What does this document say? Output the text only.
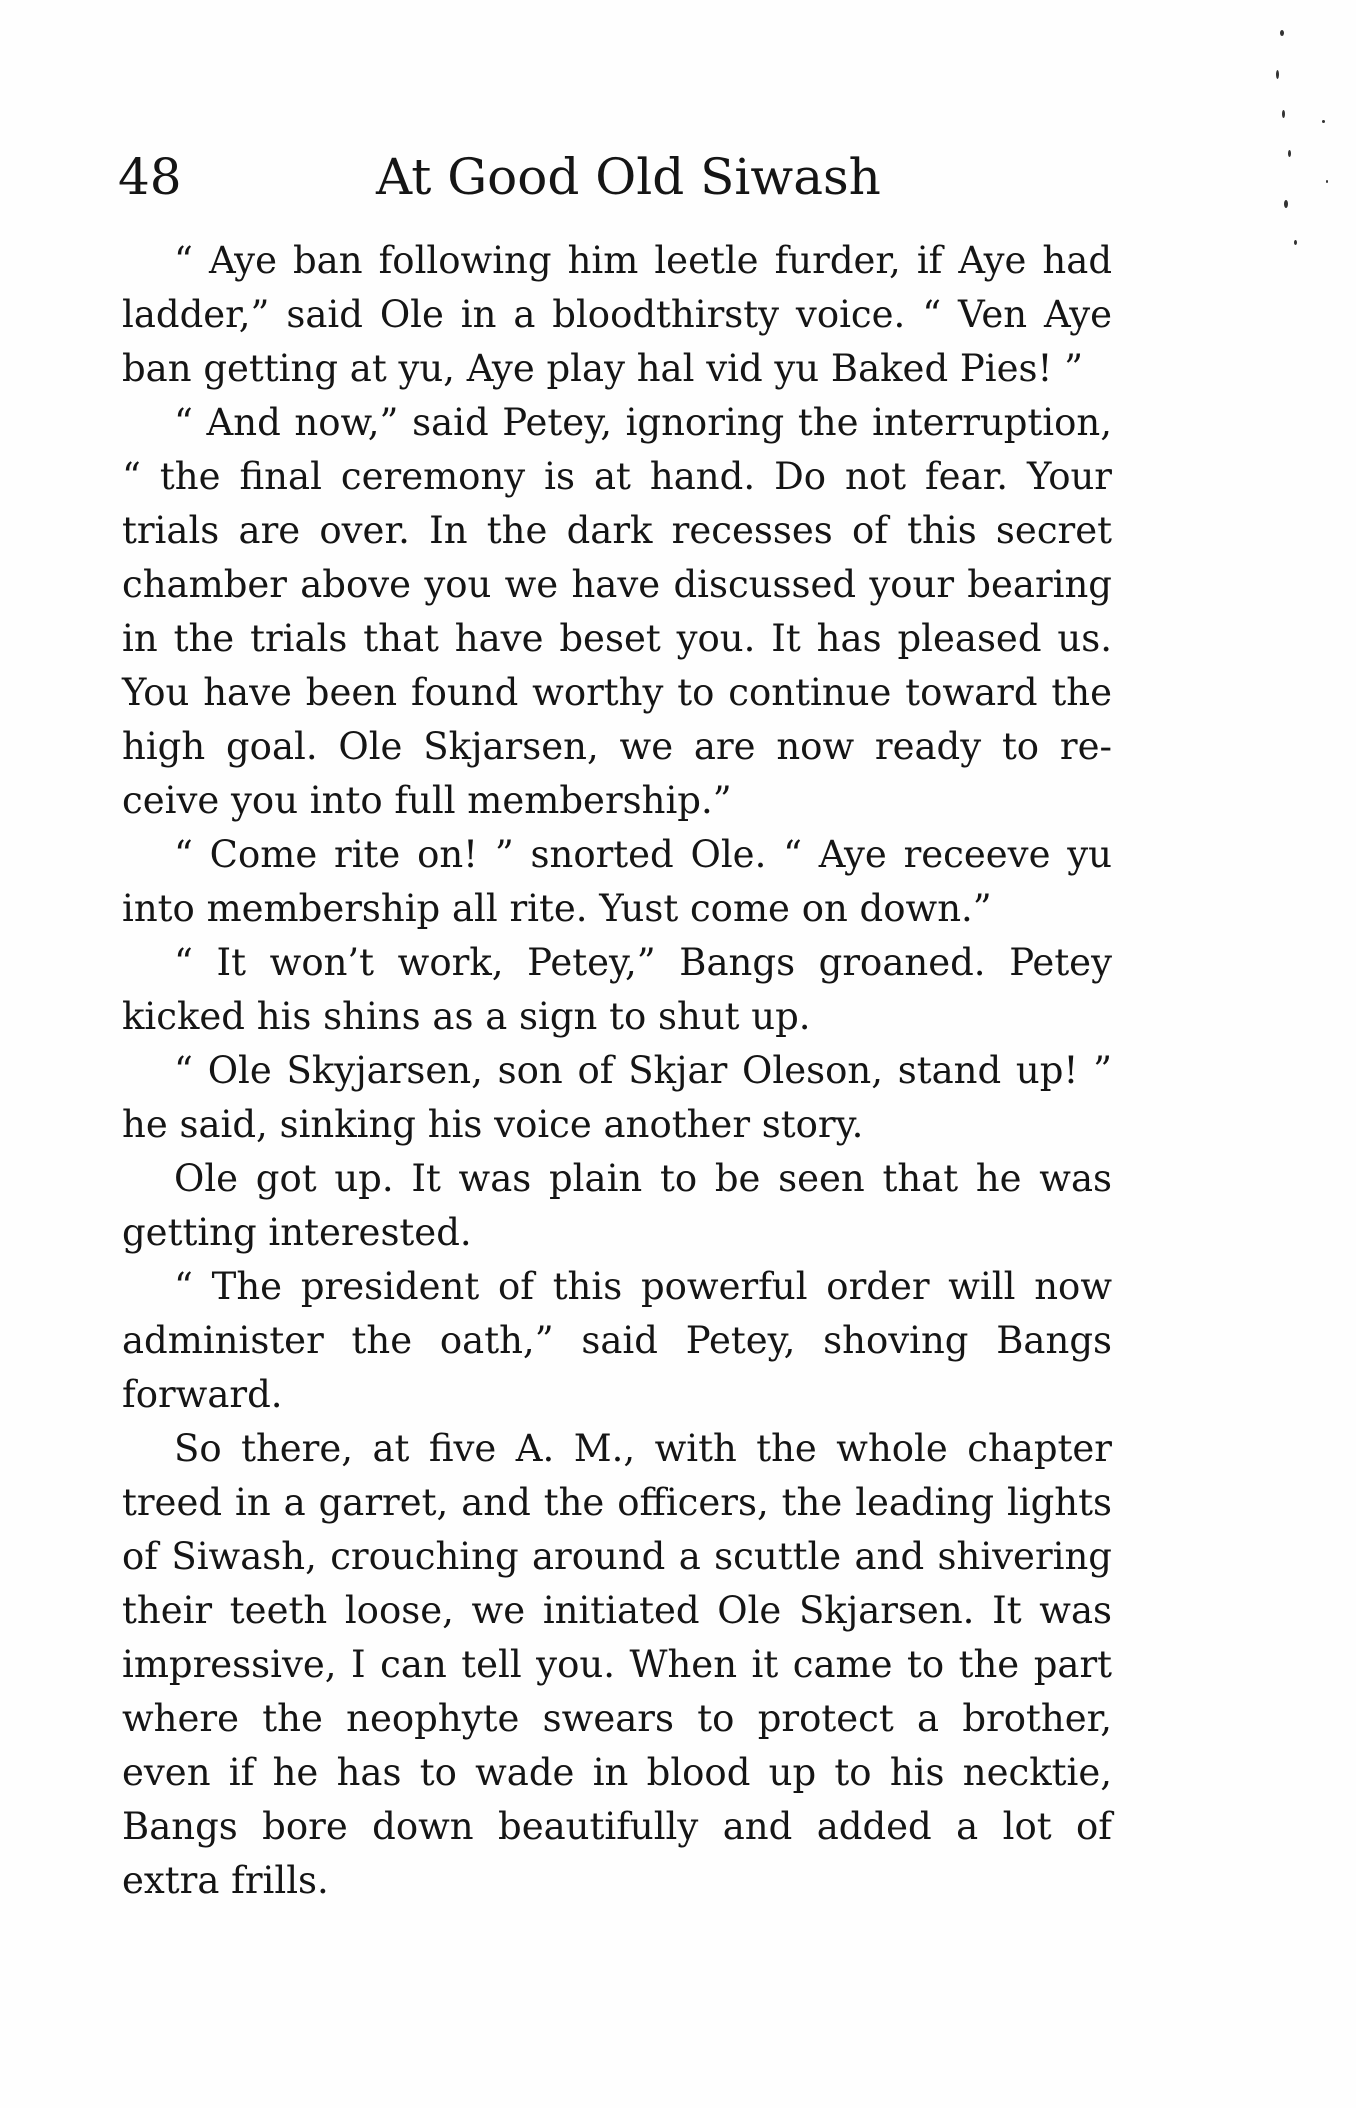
48	At Good Old Siwash

“ Aye ban following him leetle furder, if Aye had ladder,” said Ole in a bloodthirsty voice. “ Ven Aye ban getting at yu, Aye play hal vid yu Baked Pies! ”

“ And now,” said Petey, ignoring the interruption, “ the final ceremony is at hand. Do not fear. Your trials are over. In the dark recesses of this secret chamber above you we have discussed your bearing in the trials that have beset you. It has pleased us. You have been found worthy to continue toward the high goal. Ole Skjarsen, we are now ready to receive you into full membership.”

“ Come rite on! ” snorted Ole. “ Aye receeve yu into membership all rite. Yust come on down.”

“ It won’t work, Petey,” Bangs groaned. Petey kicked his shins as a sign to shut up.

“ Ole Skyjarsen, son of Skjar Oleson, stand up! ” he said, sinking his voice another story.

Ole got up. It was plain to be seen that he was getting interested.

“ The president of this powerful order will now administer the oath,” said Petey, shoving Bangs forward.

So there, at five A. M., with the whole chapter treed in a garret, and the officers, the leading lights of Siwash, crouching around a scuttle and shivering their teeth loose, we initiated Ole Skjarsen. It was impressive, I can tell you. When it came to the part where the neophyte swears to protect a brother, even if he has to wade in blood up to his necktie, Bangs bore down beautifully and added a lot of extra frills.
